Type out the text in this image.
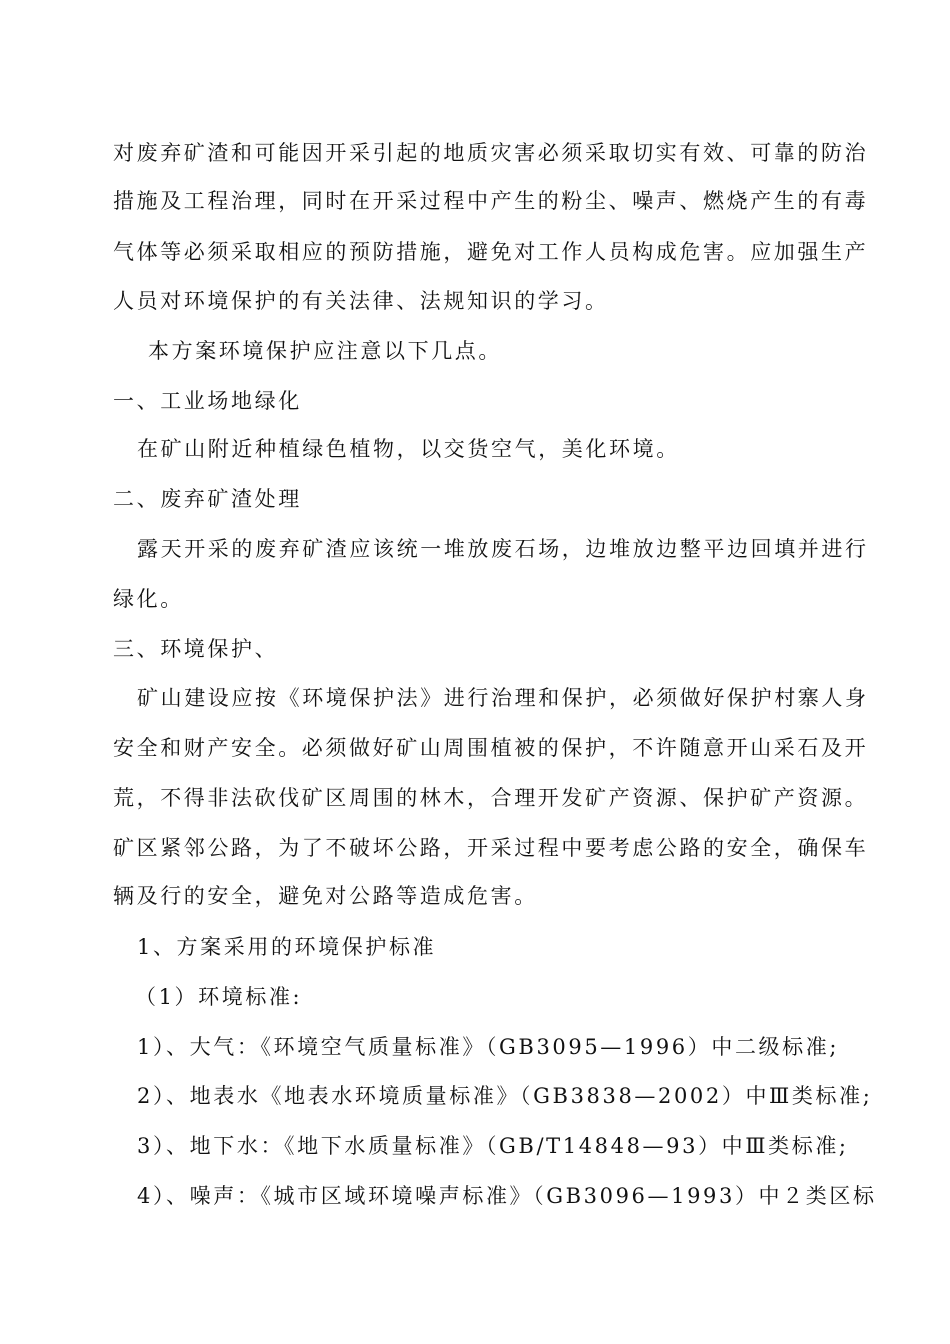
对废弃矿渣和可能因开采引起的地质灾害必须采取切实有效、可靠的防治
措施及工程治理，同时在开采过程中产生的粉尘、噪声、燃烧产生的有毒
气体等必须采取相应的预防措施，避免对工作人员构成危害。应加强生产
人员对环境保护的有关法律、法规知识的学习。
本方案环境保护应注意以下几点。
一、工业场地绿化
在矿山附近种植绿色植物，以交货空气，美化环境。
二、废弃矿渣处理
露天开采的废弃矿渣应该统一堆放废石场，边堆放边整平边回填并进行
绿化。
三、环境保护、
矿山建设应按《环境保护法》进行治理和保护，必须做好保护村寨人身
安全和财产安全。必须做好矿山周围植被的保护，不许随意开山采石及开
荒，不得非法砍伐矿区周围的林木，合理开发矿产资源、保护矿产资源。
矿区紧邻公路，为了不破坏公路，开采过程中要考虑公路的安全，确保车
辆及行的安全，避免对公路等造成危害。
1、方案采用的环境保护标准
（1）环境标准:
1）、大气：《环境空气质量标准》（GB3095—1996）中二级标准;
2）、地表水《地表水环境质量标准》（GB3838—2002）中Ⅲ类标准;
3）、地下水：《地下水质量标准》（GB/T14848—93）中Ⅲ类标准;
4）、噪声：《城市区域环境噪声标准》（GB3096—1993）中２类区标
